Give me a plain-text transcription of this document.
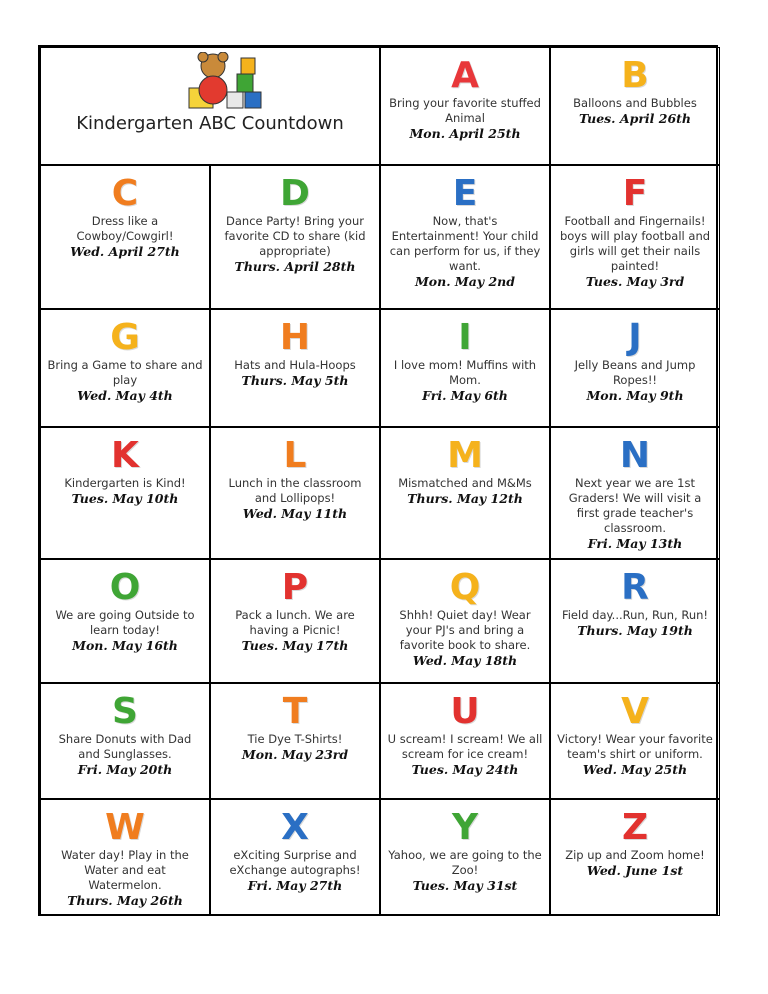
Kindergarten ABC Countdown
A
Bring your favorite stuffed Animal
Mon. April 25th
B
Balloons and Bubbles
Tues. April 26th
C
Dress like a Cowboy/Cowgirl!
Wed. April 27th
D
Dance Party! Bring your favorite CD to share (kid appropriate)
Thurs. April 28th
E
Now, that's Entertainment! Your child can perform for us, if they want.
Mon. May 2nd
F
Football and Fingernails! boys will play football and girls will get their nails painted!
Tues. May 3rd
G
Bring a Game to share and play
Wed. May 4th
H
Hats and Hula-Hoops
Thurs. May 5th
I
I love mom! Muffins with Mom.
Fri. May 6th
J
Jelly Beans and Jump Ropes!!
Mon. May 9th
K
Kindergarten is Kind!
Tues. May 10th
L
Lunch in the classroom and Lollipops!
Wed. May 11th
M
Mismatched and M&Ms
Thurs. May 12th
N
Next year we are 1st Graders! We will visit a first grade teacher's classroom.
Fri. May 13th
O
We are going Outside to learn today!
Mon. May 16th
P
Pack a lunch. We are having a Picnic!
Tues. May 17th
Q
Shhh! Quiet day! Wear your PJ's and bring a favorite book to share.
Wed. May 18th
R
Field day...Run, Run, Run!
Thurs. May 19th
S
Share Donuts with Dad and Sunglasses.
Fri. May 20th
T
Tie Dye T-Shirts!
Mon. May 23rd
U
U scream! I scream! We all scream for ice cream!
Tues. May 24th
V
Victory! Wear your favorite team's shirt or uniform.
Wed. May 25th
W
Water day! Play in the Water and eat Watermelon.
Thurs. May 26th
X
eXciting Surprise and eXchange autographs!
Fri. May 27th
Y
Yahoo, we are going to the Zoo!
Tues. May 31st
Z
Zip up and Zoom home!
Wed. June 1st
